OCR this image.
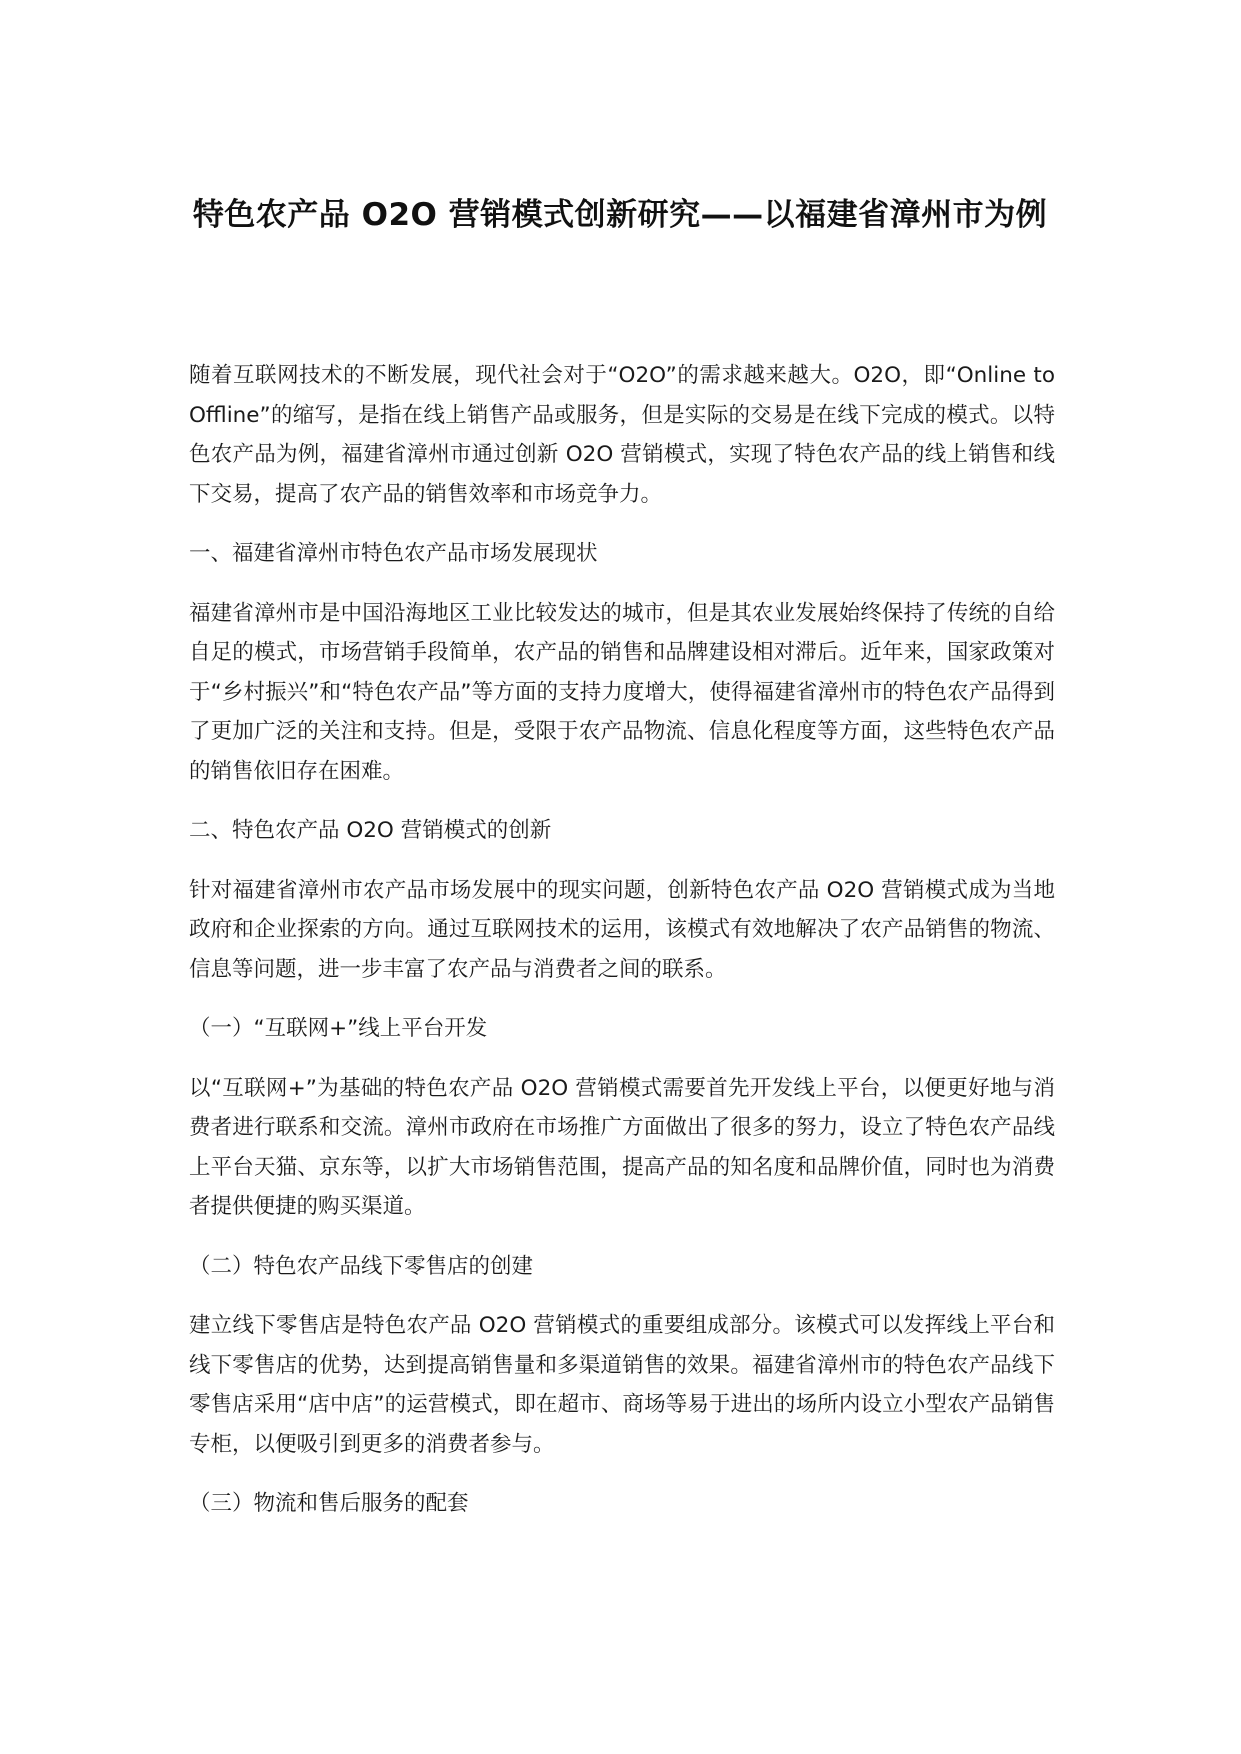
特色农产品 O2O 营销模式创新研究——以福建省漳州市为例

随着互联网技术的不断发展，现代社会对于“O2O”的需求越来越大。O2O，即“Online to Offline”的缩写，是指在线上销售产品或服务，但是实际的交易是在线下完成的模式。以特色农产品为例，福建省漳州市通过创新 O2O 营销模式，实现了特色农产品的线上销售和线下交易，提高了农产品的销售效率和市场竞争力。

一、福建省漳州市特色农产品市场发展现状

福建省漳州市是中国沿海地区工业比较发达的城市，但是其农业发展始终保持了传统的自给自足的模式，市场营销手段简单，农产品的销售和品牌建设相对滞后。近年来，国家政策对于“乡村振兴”和“特色农产品”等方面的支持力度增大，使得福建省漳州市的特色农产品得到了更加广泛的关注和支持。但是，受限于农产品物流、信息化程度等方面，这些特色农产品的销售依旧存在困难。

二、特色农产品 O2O 营销模式的创新

针对福建省漳州市农产品市场发展中的现实问题，创新特色农产品 O2O 营销模式成为当地政府和企业探索的方向。通过互联网技术的运用，该模式有效地解决了农产品销售的物流、信息等问题，进一步丰富了农产品与消费者之间的联系。

（一）“互联网+”线上平台开发

以“互联网+”为基础的特色农产品 O2O 营销模式需要首先开发线上平台，以便更好地与消费者进行联系和交流。漳州市政府在市场推广方面做出了很多的努力，设立了特色农产品线上平台天猫、京东等，以扩大市场销售范围，提高产品的知名度和品牌价值，同时也为消费者提供便捷的购买渠道。

（二）特色农产品线下零售店的创建

建立线下零售店是特色农产品 O2O 营销模式的重要组成部分。该模式可以发挥线上平台和线下零售店的优势，达到提高销售量和多渠道销售的效果。福建省漳州市的特色农产品线下零售店采用“店中店”的运营模式，即在超市、商场等易于进出的场所内设立小型农产品销售专柜，以便吸引到更多的消费者参与。

（三）物流和售后服务的配套
